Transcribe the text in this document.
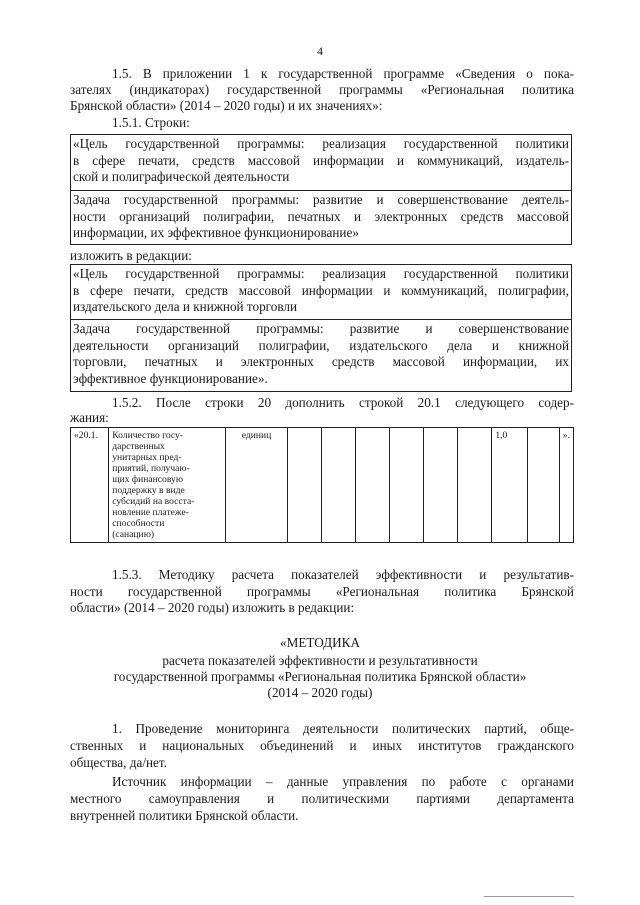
4

1.5. В приложении 1 к государственной программе «Сведения о пока-

зателях (индикаторах) государственной программы «Региональная политика

Брянской области» (2014 – 2020 годы) и их значениях»:

1.5.1. Строки:

«Цель государственной программы: реализация государственной политики
в сфере печати, средств массовой информации и коммуникаций, издатель-
ской и полиграфической деятельности
Задача государственной программы: развитие и совершенствование деятель-
ности организаций полиграфии, печатных и электронных средств массовой
информации, их эффективное функционирование»

изложить в редакции:

«Цель государственной программы: реализация государственной политики
в сфере печати, средств массовой информации и коммуникаций, полиграфии,
издательского дела и книжной торговли
Задача государственной программы: развитие и совершенствование
деятельности организаций полиграфии, издательского дела и книжной
торговли, печатных и электронных средств массовой информации, их
эффективное функционирование».

1.5.2. После строки 20 дополнить строкой 20.1 следующего содер-

жания:

«20.1.	Количество госу-
дарственных
унитарных пред-
приятий, получаю-
щих финансовую
поддержку в виде
субсидий на восста-
новление платеже-
способности
(санацию)
	единиц							1,0		».

1.5.3. Методику расчета показателей эффективности и результатив-

ности государственной программы «Региональная политика Брянской

области» (2014 – 2020 годы) изложить в редакции:

«МЕТОДИКА
расчета показателей эффективности и результативности
государственной программы «Региональная политика Брянской области»
(2014 – 2020 годы)

1. Проведение мониторинга деятельности политических партий, обще-

ственных и национальных объединений и иных институтов гражданского

общества, да/нет.

Источник информации – данные управления по работе с органами

местного самоуправления и политическими партиями департамента

внутренней политики Брянской области.
